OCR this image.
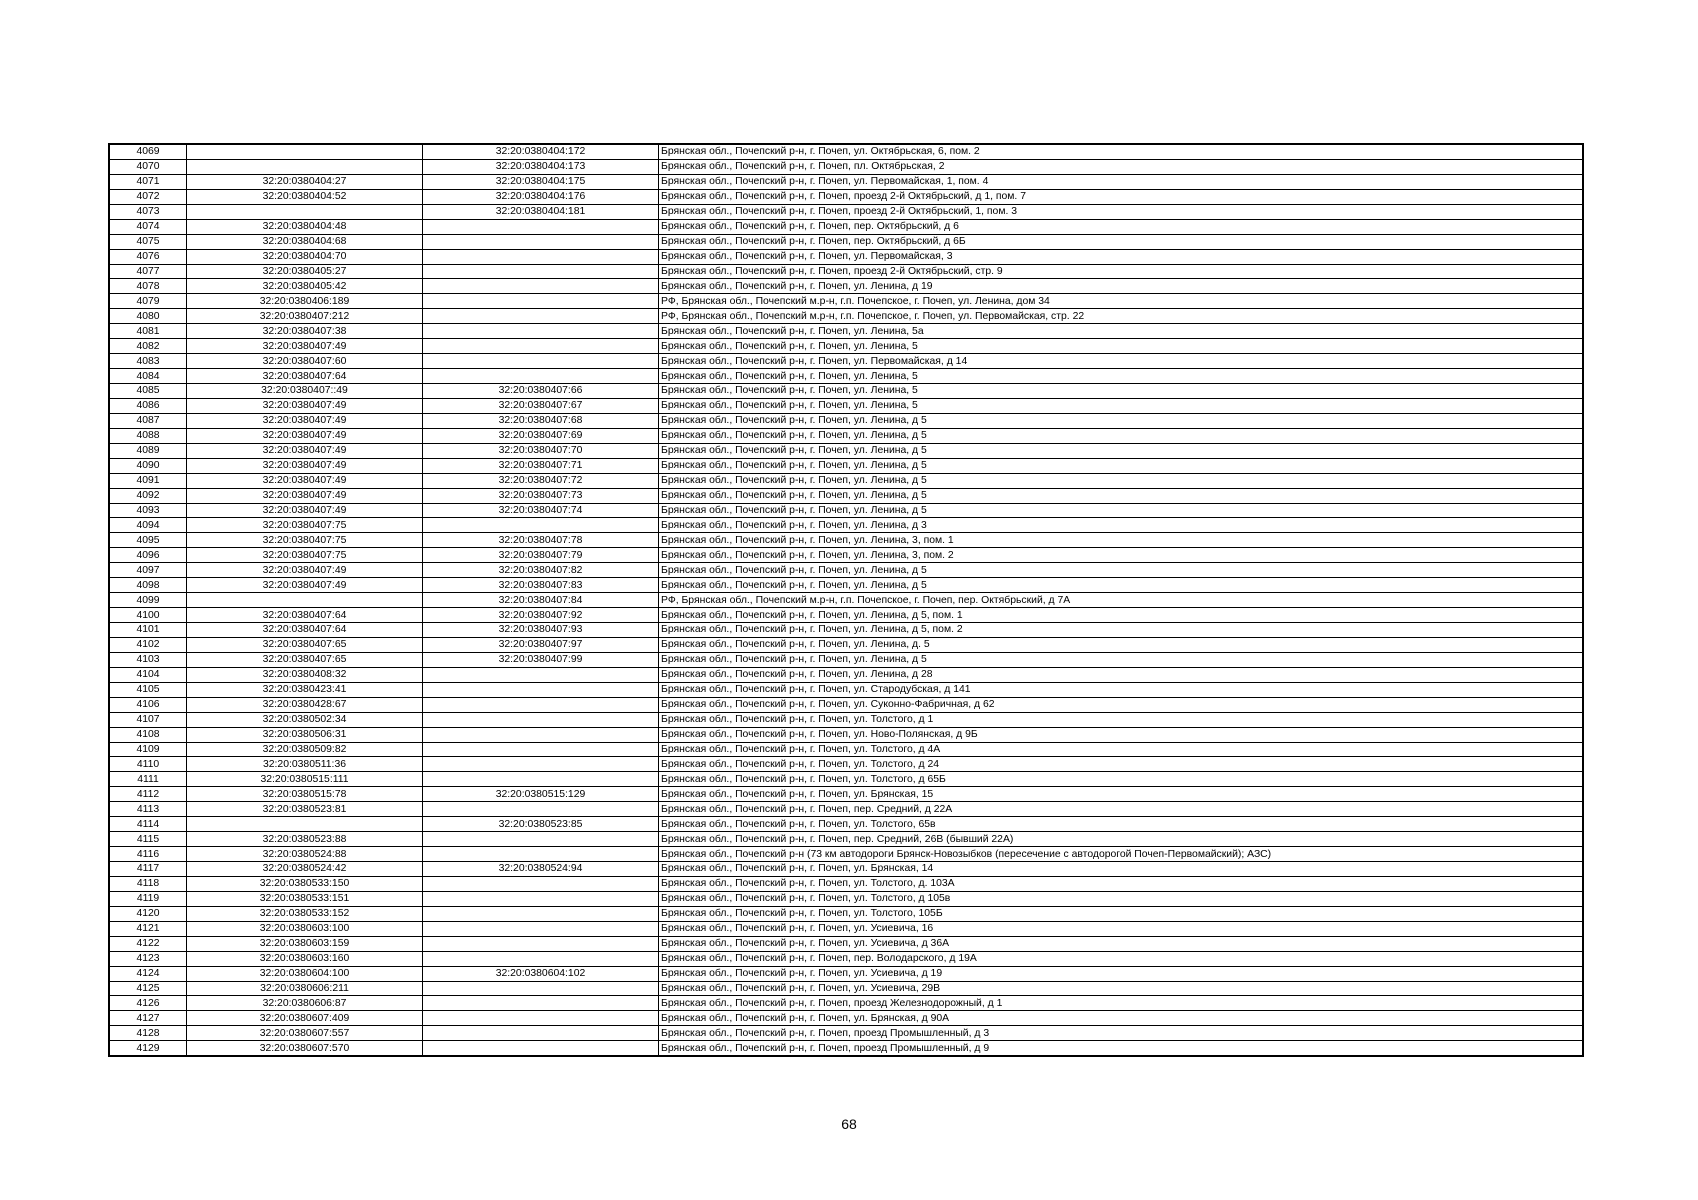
4069		32:20:0380404:172	Брянская обл., Почепский р-н, г. Почеп, ул. Октябрьская, 6, пом. 2
4070		32:20:0380404:173	Брянская обл., Почепский р-н, г. Почеп, пл. Октябрьская, 2
4071	32:20:0380404:27	32:20:0380404:175	Брянская обл., Почепский р-н, г. Почеп, ул. Первомайская, 1, пом. 4
4072	32:20:0380404:52	32:20:0380404:176	Брянская обл., Почепский р-н, г. Почеп, проезд 2-й Октябрьский, д 1, пом. 7
4073		32:20:0380404:181	Брянская обл., Почепский р-н, г. Почеп, проезд 2-й Октябрьский, 1, пом. 3
4074	32:20:0380404:48		Брянская обл., Почепский р-н, г. Почеп, пер. Октябрьский, д 6
4075	32:20:0380404:68		Брянская обл., Почепский р-н, г. Почеп, пер. Октябрьский, д 6Б
4076	32:20:0380404:70		Брянская обл., Почепский р-н, г. Почеп, ул. Первомайская, 3
4077	32:20:0380405:27		Брянская обл., Почепский р-н, г. Почеп, проезд 2-й Октябрьский, стр. 9
4078	32:20:0380405:42		Брянская обл., Почепский р-н, г. Почеп, ул. Ленина, д 19
4079	32:20:0380406:189		РФ, Брянская обл., Почепский м.р-н, г.п. Почепское, г. Почеп, ул. Ленина, дом 34
4080	32:20:0380407:212		РФ, Брянская обл., Почепский м.р-н, г.п. Почепское, г. Почеп, ул. Первомайская, стр. 22
4081	32:20:0380407:38		Брянская обл., Почепский р-н, г. Почеп, ул. Ленина, 5а
4082	32:20:0380407:49		Брянская обл., Почепский р-н, г. Почеп, ул. Ленина, 5
4083	32:20:0380407:60		Брянская обл., Почепский р-н, г. Почеп, ул. Первомайская, д 14
4084	32:20:0380407:64		Брянская обл., Почепский р-н, г. Почеп, ул. Ленина, 5
4085	32:20:0380407::49	32:20:0380407:66	Брянская обл., Почепский р-н, г. Почеп, ул. Ленина, 5
4086	32:20:0380407:49	32:20:0380407:67	Брянская обл., Почепский р-н, г. Почеп, ул. Ленина, 5
4087	32:20:0380407:49	32:20:0380407:68	Брянская обл., Почепский р-н, г. Почеп, ул. Ленина, д 5
4088	32:20:0380407:49	32:20:0380407:69	Брянская обл., Почепский р-н, г. Почеп, ул. Ленина, д 5
4089	32:20:0380407:49	32:20:0380407:70	Брянская обл., Почепский р-н, г. Почеп, ул. Ленина, д 5
4090	32:20:0380407:49	32:20:0380407:71	Брянская обл., Почепский р-н, г. Почеп, ул. Ленина, д 5
4091	32:20:0380407:49	32:20:0380407:72	Брянская обл., Почепский р-н, г. Почеп, ул. Ленина, д 5
4092	32:20:0380407:49	32:20:0380407:73	Брянская обл., Почепский р-н, г. Почеп, ул. Ленина, д 5
4093	32:20:0380407:49	32:20:0380407:74	Брянская обл., Почепский р-н, г. Почеп, ул. Ленина, д 5
4094	32:20:0380407:75		Брянская обл., Почепский р-н, г. Почеп, ул. Ленина, д 3
4095	32:20:0380407:75	32:20:0380407:78	Брянская обл., Почепский р-н, г. Почеп, ул. Ленина, 3, пом. 1
4096	32:20:0380407:75	32:20:0380407:79	Брянская обл., Почепский р-н, г. Почеп, ул. Ленина, 3, пом. 2
4097	32:20:0380407:49	32:20:0380407:82	Брянская обл., Почепский р-н, г. Почеп, ул. Ленина, д 5
4098	32:20:0380407:49	32:20:0380407:83	Брянская обл., Почепский р-н, г. Почеп, ул. Ленина, д 5
4099		32:20:0380407:84	РФ, Брянская обл., Почепский м.р-н, г.п. Почепское, г. Почеп, пер. Октябрьский, д 7А
4100	32:20:0380407:64	32:20:0380407:92	Брянская обл., Почепский р-н, г. Почеп, ул. Ленина, д 5, пом. 1
4101	32:20:0380407:64	32:20:0380407:93	Брянская обл., Почепский р-н, г. Почеп, ул. Ленина, д 5, пом. 2
4102	32:20:0380407:65	32:20:0380407:97	Брянская обл., Почепский р-н, г. Почеп, ул. Ленина, д. 5
4103	32:20:0380407:65	32:20:0380407:99	Брянская обл., Почепский р-н, г. Почеп, ул. Ленина, д 5
4104	32:20:0380408:32		Брянская обл., Почепский р-н, г. Почеп, ул. Ленина, д 28
4105	32:20:0380423:41		Брянская обл., Почепский р-н, г. Почеп, ул. Стародубская, д 141
4106	32:20:0380428:67		Брянская обл., Почепский р-н, г. Почеп, ул. Суконно-Фабричная, д 62
4107	32:20:0380502:34		Брянская обл., Почепский р-н, г. Почеп, ул. Толстого, д 1
4108	32:20:0380506:31		Брянская обл., Почепский р-н, г. Почеп, ул. Ново-Полянская, д 9Б
4109	32:20:0380509:82		Брянская обл., Почепский р-н, г. Почеп, ул. Толстого, д 4А
4110	32:20:0380511:36		Брянская обл., Почепский р-н, г. Почеп, ул. Толстого, д 24
4111	32:20:0380515:111		Брянская обл., Почепский р-н, г. Почеп, ул. Толстого, д 65Б
4112	32:20:0380515:78	32:20:0380515:129	Брянская обл., Почепский р-н, г. Почеп, ул. Брянская, 15
4113	32:20:0380523:81		Брянская обл., Почепский р-н, г. Почеп, пер. Средний, д 22А
4114		32:20:0380523:85	Брянская обл., Почепский р-н, г. Почеп, ул. Толстого, 65в
4115	32:20:0380523:88		Брянская обл., Почепский р-н, г. Почеп, пер. Средний, 26В (бывший 22А)
4116	32:20:0380524:88		Брянская обл., Почепский р-н (73 км автодороги Брянск-Новозыбков (пересечение с автодорогой Почеп-Первомайский); АЗС)
4117	32:20:0380524:42	32:20:0380524:94	Брянская обл., Почепский р-н, г. Почеп, ул. Брянская, 14
4118	32:20:0380533:150		Брянская обл., Почепский р-н, г. Почеп, ул. Толстого, д. 103А
4119	32:20:0380533:151		Брянская обл., Почепский р-н, г. Почеп, ул. Толстого, д 105в
4120	32:20:0380533:152		Брянская обл., Почепский р-н, г. Почеп, ул. Толстого, 105Б
4121	32:20:0380603:100		Брянская обл., Почепский р-н, г. Почеп, ул. Усиевича, 16
4122	32:20:0380603:159		Брянская обл., Почепский р-н, г. Почеп, ул. Усиевича, д 36А
4123	32:20:0380603:160		Брянская обл., Почепский р-н, г. Почеп, пер. Володарского, д 19А
4124	32:20:0380604:100	32:20:0380604:102	Брянская обл., Почепский р-н, г. Почеп, ул. Усиевича, д 19
4125	32:20:0380606:211		Брянская обл., Почепский р-н, г. Почеп, ул. Усиевича, 29В
4126	32:20:0380606:87		Брянская обл., Почепский р-н, г. Почеп, проезд Железнодорожный, д 1
4127	32:20:0380607:409		Брянская обл., Почепский р-н, г. Почеп, ул. Брянская, д 90А
4128	32:20:0380607:557		Брянская обл., Почепский р-н, г. Почеп, проезд Промышленный, д 3
4129	32:20:0380607:570		Брянская обл., Почепский р-н, г. Почеп, проезд Промышленный, д 9
68
